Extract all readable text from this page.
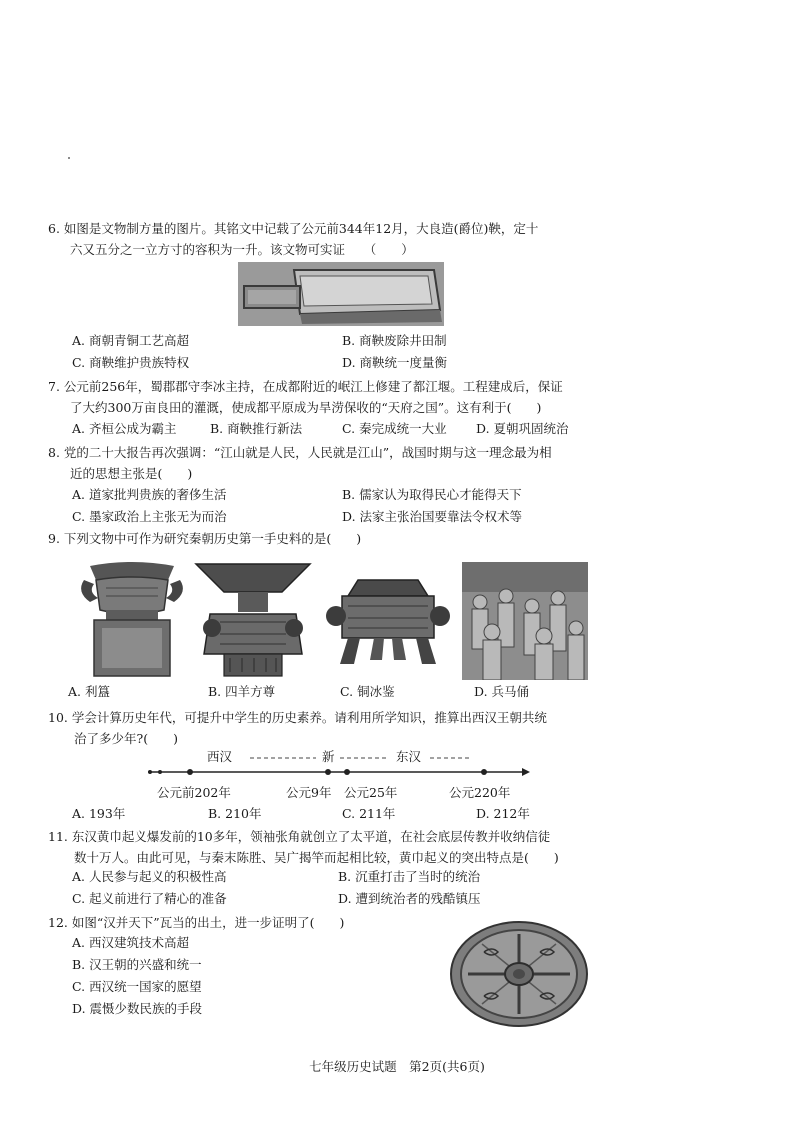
6. 如图是文物制方量的图片。其铭文中记载了公元前344年12月，大良造(爵位)鞅，定十

六又五分之一立方寸的容积为一升。该文物可实证　　（　　）

A. 商朝青铜工艺高超	B. 商鞅废除井田制
C. 商鞅维护贵族特权	D. 商鞅统一度量衡

7. 公元前256年，蜀郡郡守李冰主持，在成都附近的岷江上修建了都江堰。工程建成后，保证

了大约300万亩良田的灌溉，使成都平原成为旱涝保收的“天府之国”。这有利于(　　)

A. 齐桓公成为霸主	B. 商鞅推行新法	C. 秦完成统一大业 D. 夏朝巩固统治

8. 党的二十大报告再次强调：“江山就是人民，人民就是江山”，战国时期与这一理念最为相

近的思想主张是(　　)

A. 道家批判贵族的奢侈生活	B. 儒家认为取得民心才能得天下
C. 墨家政治上主张无为而治	D. 法家主张治国要靠法令权术等

9. 下列文物中可作为研究秦朝历史第一手史料的是(　　)

A. 利簋	B. 四羊方尊	C. 铜冰鉴	D. 兵马俑

10. 学会计算历史年代，可提升中学生的历史素养。请利用所学知识，推算出西汉王朝共统

治了多少年?(　　)

西汉	新	东汉
公元前202年	公元9年 公元25年	公元220年
A. 193年	B. 210年	C. 211年	D. 212年

11. 东汉黄巾起义爆发前的10多年，领袖张角就创立了太平道，在社会底层传教并收纳信徒

数十万人。由此可见，与秦末陈胜、吴广揭竿而起相比较，黄巾起义的突出特点是(　　)

A. 人民参与起义的积极性高	B. 沉重打击了当时的统治
C. 起义前进行了精心的准备	D. 遭到统治者的残酷镇压

12. 如图“汉并天下”瓦当的出土，进一步证明了(　　)

A. 西汉建筑技术高超
B. 汉王朝的兴盛和统一
C. 西汉统一国家的愿望
D. 震慑少数民族的手段
七年级历史试题　第2页(共6页)
